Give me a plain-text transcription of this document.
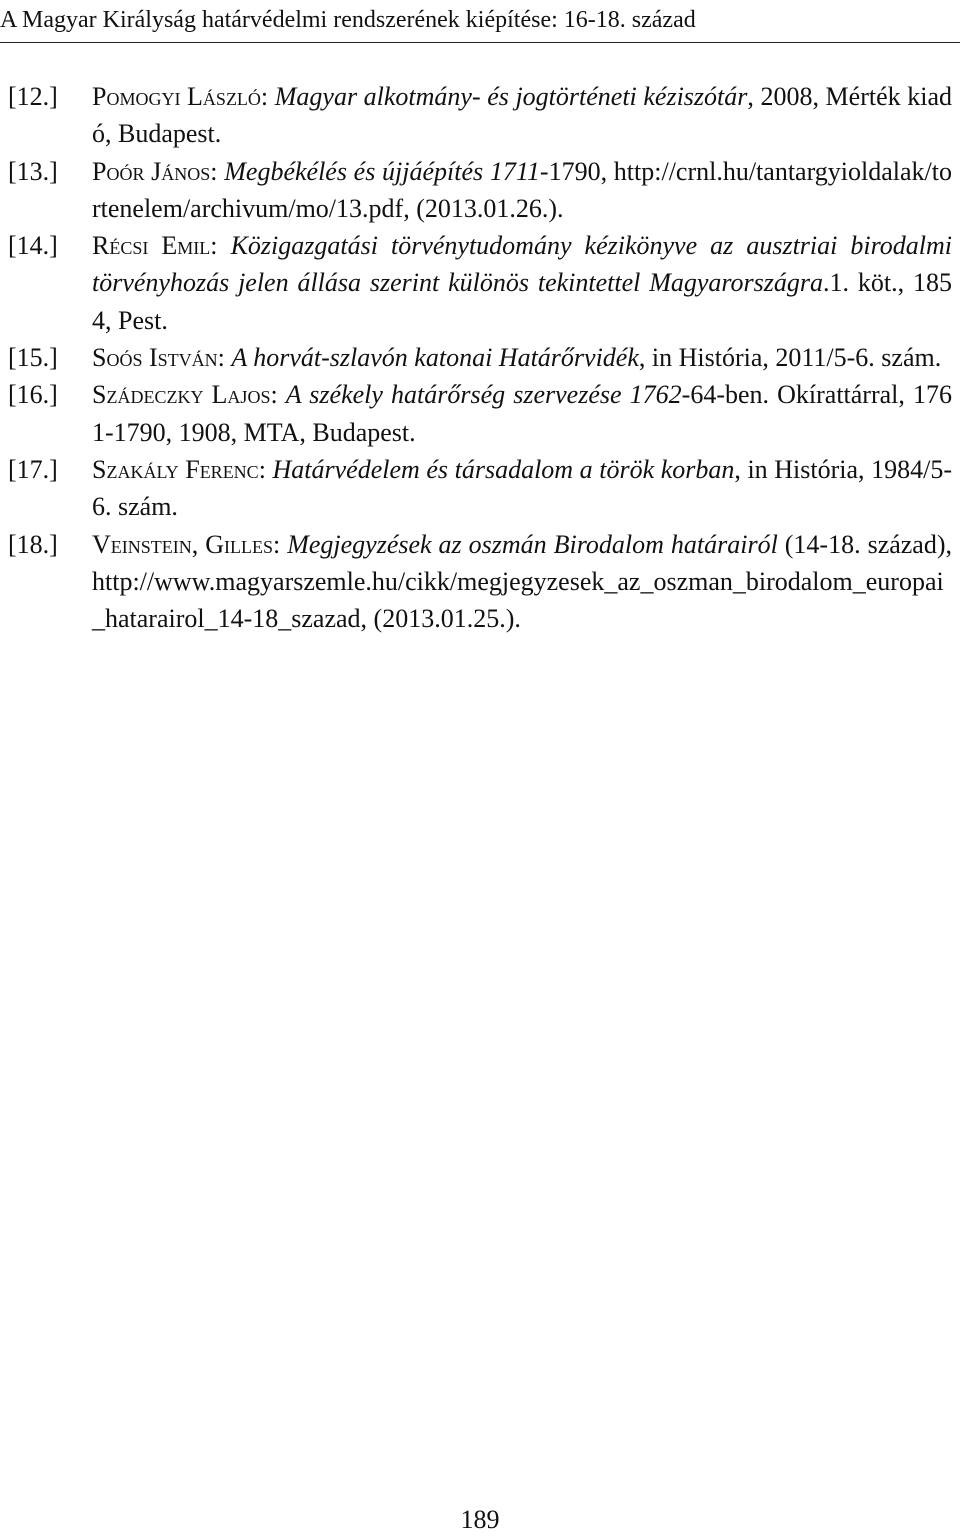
A Magyar Királyság határvédelmi rendszerének kiépítése: 16-18. század
[12.] Pomogyi László: Magyar alkotmány- és jogtörténeti kéziszótár, 2008, Mérték kiadó, Budapest.
[13.] Poór János: Megbékélés és újjáépítés 1711-1790, http://crnl.hu/tantargyioldalak/tortenelem/archivum/mo/13.pdf, (2013.01.26.).
[14.] Récsi Emil: Közigazgatási törvénytudomány kézikönyve az ausztriai birodalmi törvényhozás jelen állása szerint különös tekintettel Magyarországra.1. köt., 1854, Pest.
[15.] Soós István: A horvát-szlavón katonai Határőrvidék, in História, 2011/5-6. szám.
[16.] Szádeczky Lajos: A székely határőrség szervezése 1762-64-ben. Okírattárral, 1761-1790, 1908, MTA, Budapest.
[17.] Szakály Ferenc: Határvédelem és társadalom a török korban, in História, 1984/5-6. szám.
[18.] Veinstein, Gilles: Megjegyzések az oszmán Birodalom határairól (14-18. század), http://www.magyarszemle.hu/cikk/megjegyzesek_az_oszman_birodalom_europai_hatarairol_14-18_szazad, (2013.01.25.).
189
